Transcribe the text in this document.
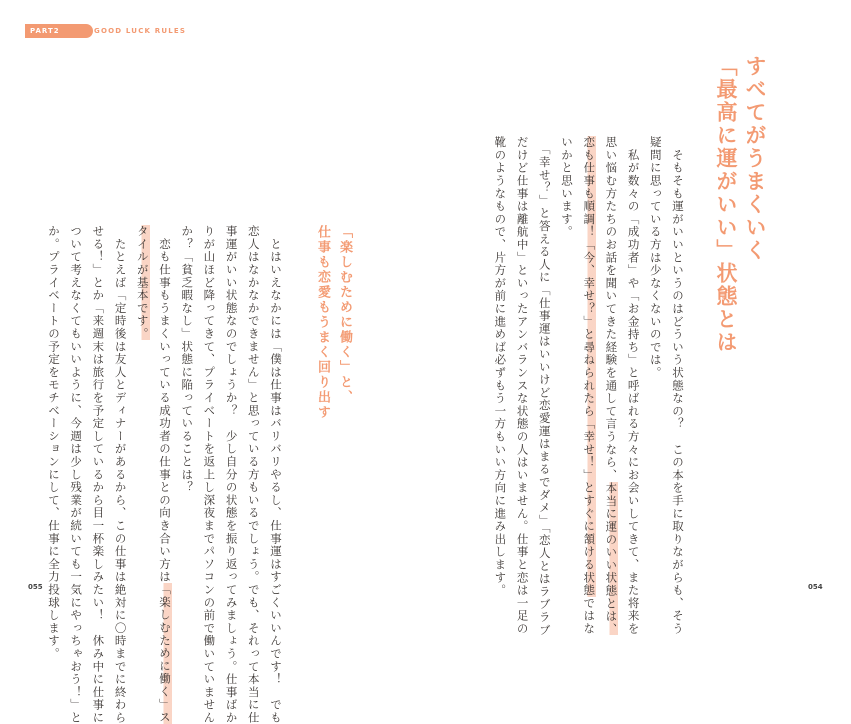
PART2	GOOD LUCK RULES
すべてがうまくいく
「最高に運がいい」状態とは
　そもそも運がいいというのはどういう状態なの？　この本を手に取りながらも、そう
疑問に思っている方は少なくないのでは。
　私が数々の「成功者」や「お金持ち」と呼ばれる方々にお会いしてきて、また将来を
思い悩む方たちのお話を聞いてきた経験を通して言うなら、本当に運のいい状態とは、
恋も仕事も順調！「今、幸せ？」と尋ねられたら「幸せ！」とすぐに頷ける状態ではな
いかと思います。
　「幸せ？」と答える人に「仕事運はいいけど恋愛運はまるでダメ」「恋人とはラブラブ
だけど仕事は離航中」といったアンバランスな状態の人はいません。仕事と恋は一足の
靴のようなもので、片方が前に進めば必ずもう一方もいい方向に進み出します。
「楽しむために働く」と、
仕事も恋愛もうまく回り出す
　とはいえなかには「僕は仕事はバリバリやるし、仕事運はすごくいいんです！　でも
恋人はなかなかできません」と思っている方もいるでしょう。でも、それって本当に仕
事運がいい状態なのでしょうか？　少し自分の状態を振り返ってみましょう。仕事ばか
りが山ほど降ってきて、プライベートを返上し深夜までパソコンの前で働いていません
か？「貧乏暇なし」状態に陥っていることは？
　恋も仕事もうまくいっている成功者の仕事との向き合い方は「楽しむために働く」ス
タイルが基本です。
　たとえば「定時後は友人とディナーがあるから、この仕事は絶対に〇時までに終わら
せる！」とか「来週末は旅行を予定しているから目一杯楽しみたい！　休み中に仕事に
ついて考えなくてもいいように、今週は少し残業が続いても一気にやっちゃおう！」と
か。プライベートの予定をモチベーションにして、仕事に全力投球します。
055	054
